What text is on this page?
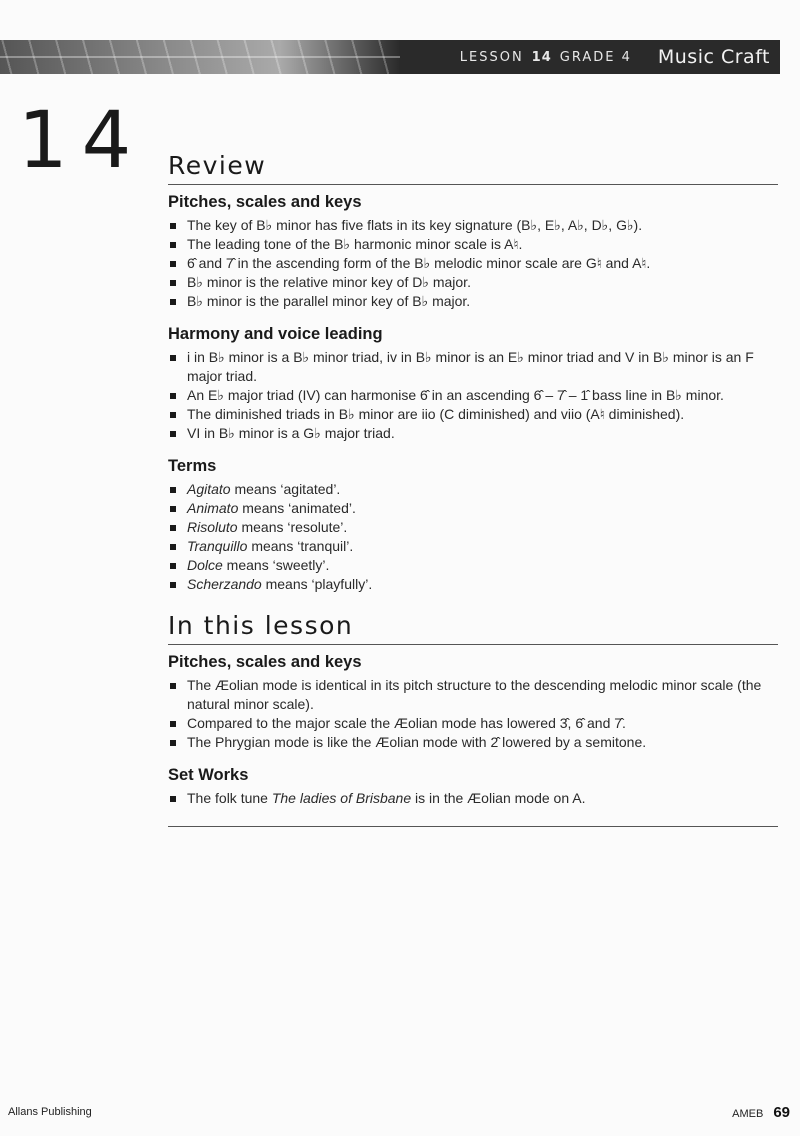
LESSON 14 GRADE 4 Music Craft
14 Review
Pitches, scales and keys
The key of B♭ minor has five flats in its key signature (B♭, E♭, A♭, D♭, G♭).
The leading tone of the B♭ harmonic minor scale is A♮.
6̂ and 7̂ in the ascending form of the B♭ melodic minor scale are G♮ and A♮.
B♭ minor is the relative minor key of D♭ major.
B♭ minor is the parallel minor key of B♭ major.
Harmony and voice leading
i in B♭ minor is a B♭ minor triad, iv in B♭ minor is an E♭ minor triad and V in B♭ minor is an F major triad.
An E♭ major triad (IV) can harmonise 6̂ in an ascending 6̂ – 7̂ – 1̂ bass line in B♭ minor.
The diminished triads in B♭ minor are iio (C diminished) and viio (A♮ diminished).
VI in B♭ minor is a G♭ major triad.
Terms
Agitato means ‘agitated’.
Animato means ‘animated’.
Risoluto means ‘resolute’.
Tranquillo means ‘tranquil’.
Dolce means ‘sweetly’.
Scherzando means ‘playfully’.
In this lesson
Pitches, scales and keys
The Æolian mode is identical in its pitch structure to the descending melodic minor scale (the natural minor scale).
Compared to the major scale the Æolian mode has lowered 3̂, 6̂ and 7̂.
The Phrygian mode is like the Æolian mode with 2̂ lowered by a semitone.
Set Works
The folk tune The ladies of Brisbane is in the Æolian mode on A.
Allans Publishing	AMEB 69
